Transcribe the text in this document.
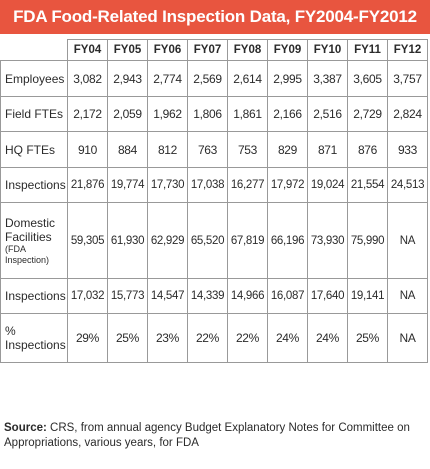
FDA Food-Related Inspection Data, FY2004-FY2012
	FY04	FY05	FY06	FY07	FY08	FY09	FY10	FY11	FY12
Employees	3,082	2,943	2,774	2,569	2,614	2,995	3,387	3,605	3,757
Field FTEs	2,172	2,059	1,962	1,806	1,861	2,166	2,516	2,729	2,824
HQ FTEs	910	884	812	763	753	829	871	876	933
Inspections	21,876	19,774	17,730	17,038	16,277	17,972	19,024	21,554	24,513
Domestic Facilities
(FDA Inspection)	59,305	61,930	62,929	65,520	67,819	66,196	73,930	75,990	NA
Inspections	17,032	15,773	14,547	14,339	14,966	16,087	17,640	19,141	NA
% Inspections	29%	25%	23%	22%	22%	24%	24%	25%	NA
Source: CRS, from annual agency Budget Explanatory Notes for Committee on Appropriations, various years, for FDA
